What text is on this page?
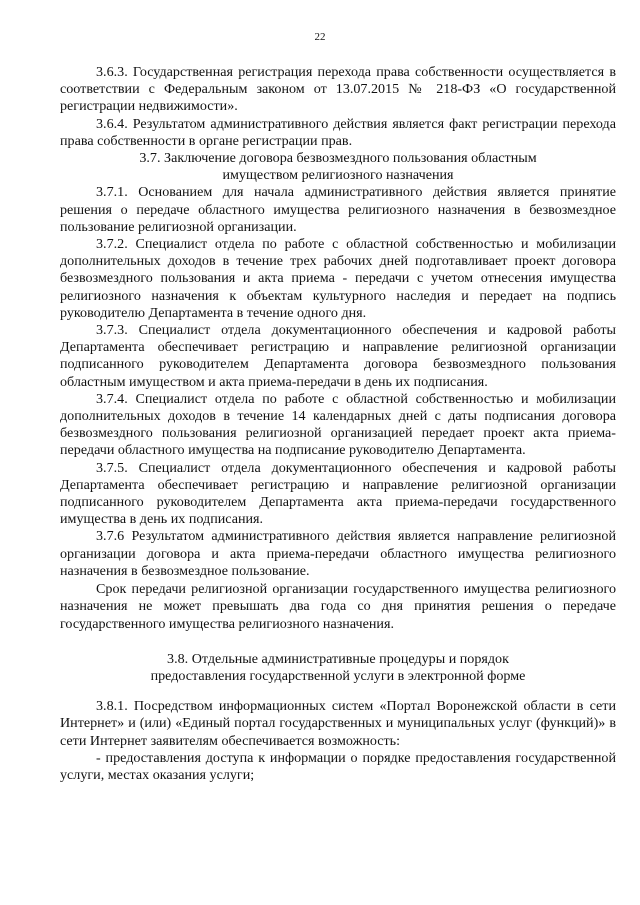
22

3.6.3. Государственная регистрация перехода права собственности осуществляется в соответствии с Федеральным законом от 13.07.2015 № 218-ФЗ «О государственной регистрации недвижимости».

3.6.4. Результатом административного действия является факт регистрации перехода права собственности в органе регистрации прав.

3.7. Заключение договора безвозмездного пользования областным имуществом религиозного назначения

3.7.1. Основанием для начала административного действия является принятие решения о передаче областного имущества религиозного назначения в безвозмездное пользование религиозной организации.

3.7.2. Специалист отдела по работе с областной собственностью и мобилизации дополнительных доходов в течение трех рабочих дней подготавливает проект договора безвозмездного пользования и акта приема - передачи с учетом отнесения имущества религиозного назначения к объектам культурного наследия и передает на подпись руководителю Департамента в течение одного дня.

3.7.3. Специалист отдела документационного обеспечения и кадровой работы Департамента обеспечивает регистрацию и направление религиозной организации подписанного руководителем Департамента договора безвозмездного пользования областным имуществом и акта приема-передачи в день их подписания.

3.7.4. Специалист отдела по работе с областной собственностью и мобилизации дополнительных доходов в течение 14 календарных дней с даты подписания договора безвозмездного пользования религиозной организацией передает проект акта приема-передачи областного имущества на подписание руководителю Департамента.

3.7.5. Специалист отдела документационного обеспечения и кадровой работы Департамента обеспечивает регистрацию и направление религиозной организации подписанного руководителем Департамента акта приема-передачи государственного имущества в день их подписания.

3.7.6 Результатом административного действия является направление религиозной организации договора и акта приема-передачи областного имущества религиозного назначения в безвозмездное пользование.

Срок передачи религиозной организации государственного имущества религиозного назначения не может превышать два года со дня принятия решения о передаче государственного имущества религиозного назначения.

3.8. Отдельные административные процедуры и порядок

предоставления государственной услуги в электронной форме

3.8.1. Посредством информационных систем «Портал Воронежской области в сети Интернет» и (или) «Единый портал государственных и муниципальных услуг (функций)» в сети Интернет заявителям обеспечивается возможность:

- предоставления доступа к информации о порядке предоставления государственной услуги, местах оказания услуги;
